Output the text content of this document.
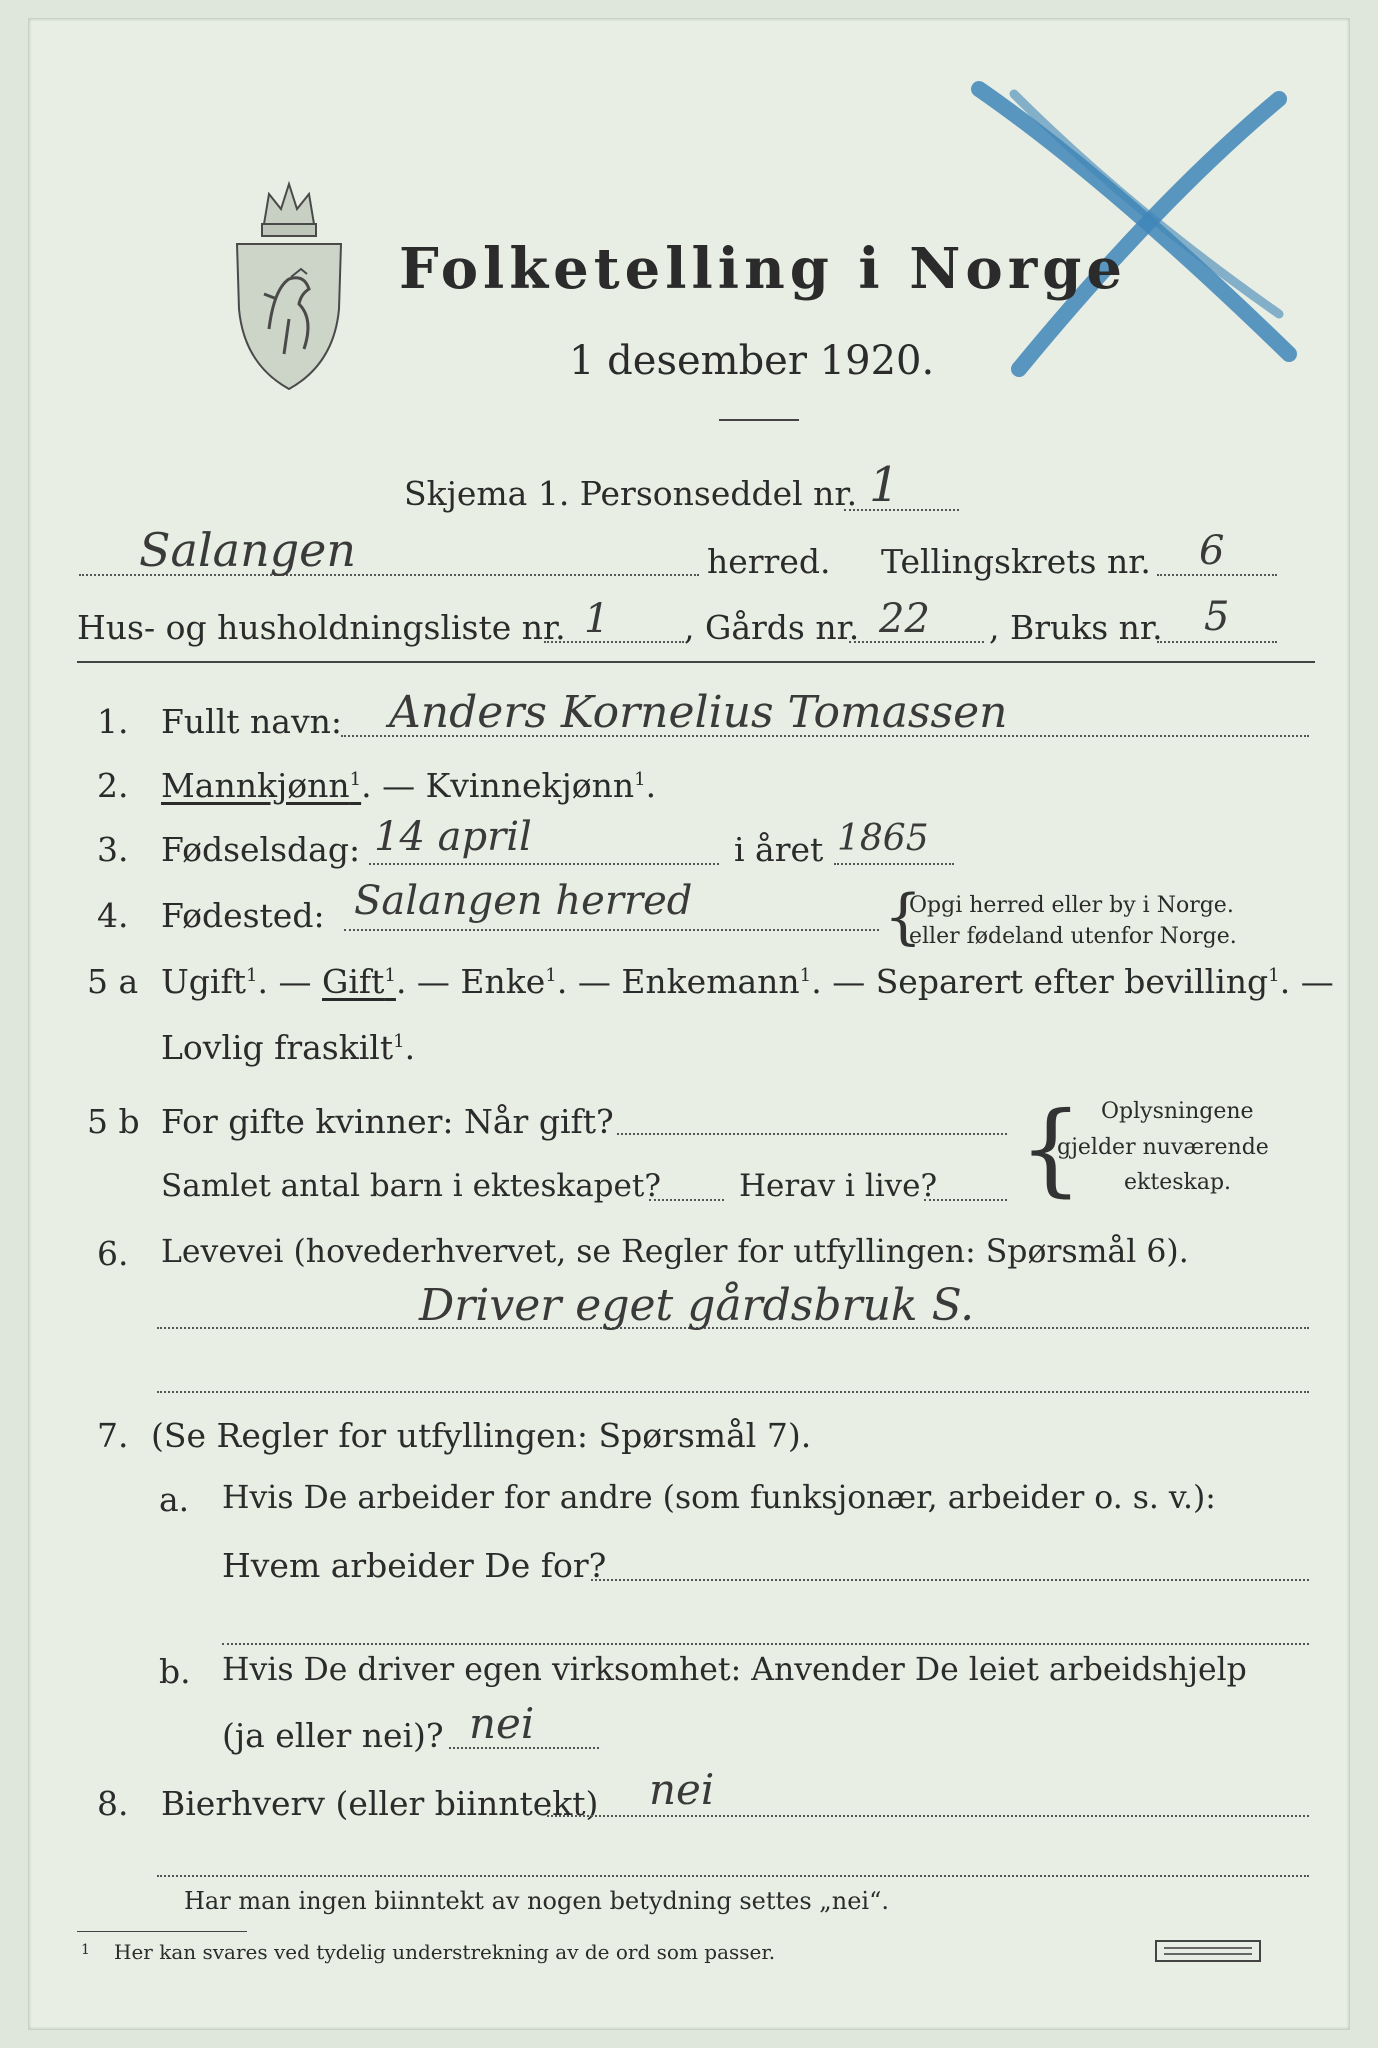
Folketelling i Norge
1 desember 1920.
Skjema 1. Personseddel nr. 1
Salangen	herred. Tellingskrets nr. 6
Hus- og husholdningsliste nr. 1 , Gårds nr. 22 , Bruks nr. 5
1. Fullt navn: Anders Kornelius Tomassen
2. Mannkjønn$^1$. — Kvinnekjønn$^1$.
3. Fødselsdag: 14 april	i året 1865
4. Fødested: Salangen herred	{
Opgi herred eller by i Norge.
eller fødeland utenfor Norge.
5 a Ugift$^1$. — Gift$^1$. — Enke$^1$. — Enkemann$^1$. — Separert efter bevilling$^1$. —
Lovlig fraskilt$^1$.
5 b For gifte kvinner: Når gift?
Samlet antal barn i ekteskapet?	Herav i live? { Oplysningene
gjelder nuværende
ekteskap.
6. Levevei (hovederhvervet, se Regler for utfyllingen: Spørsmål 6).
Driver eget gårdsbruk S.
7. (Se Regler for utfyllingen: Spørsmål 7).
a. Hvis De arbeider for andre (som funksjonær, arbeider o. s. v.):
Hvem arbeider De for?
b. Hvis De driver egen virksomhet: Anvender De leiet arbeidshjelp
(ja eller nei)? nei
8. Bierhverv (eller biinntekt) nei
Har man ingen biinntekt av nogen betydning settes „nei“.
1 Her kan svares ved tydelig understrekning av de ord som passer.
